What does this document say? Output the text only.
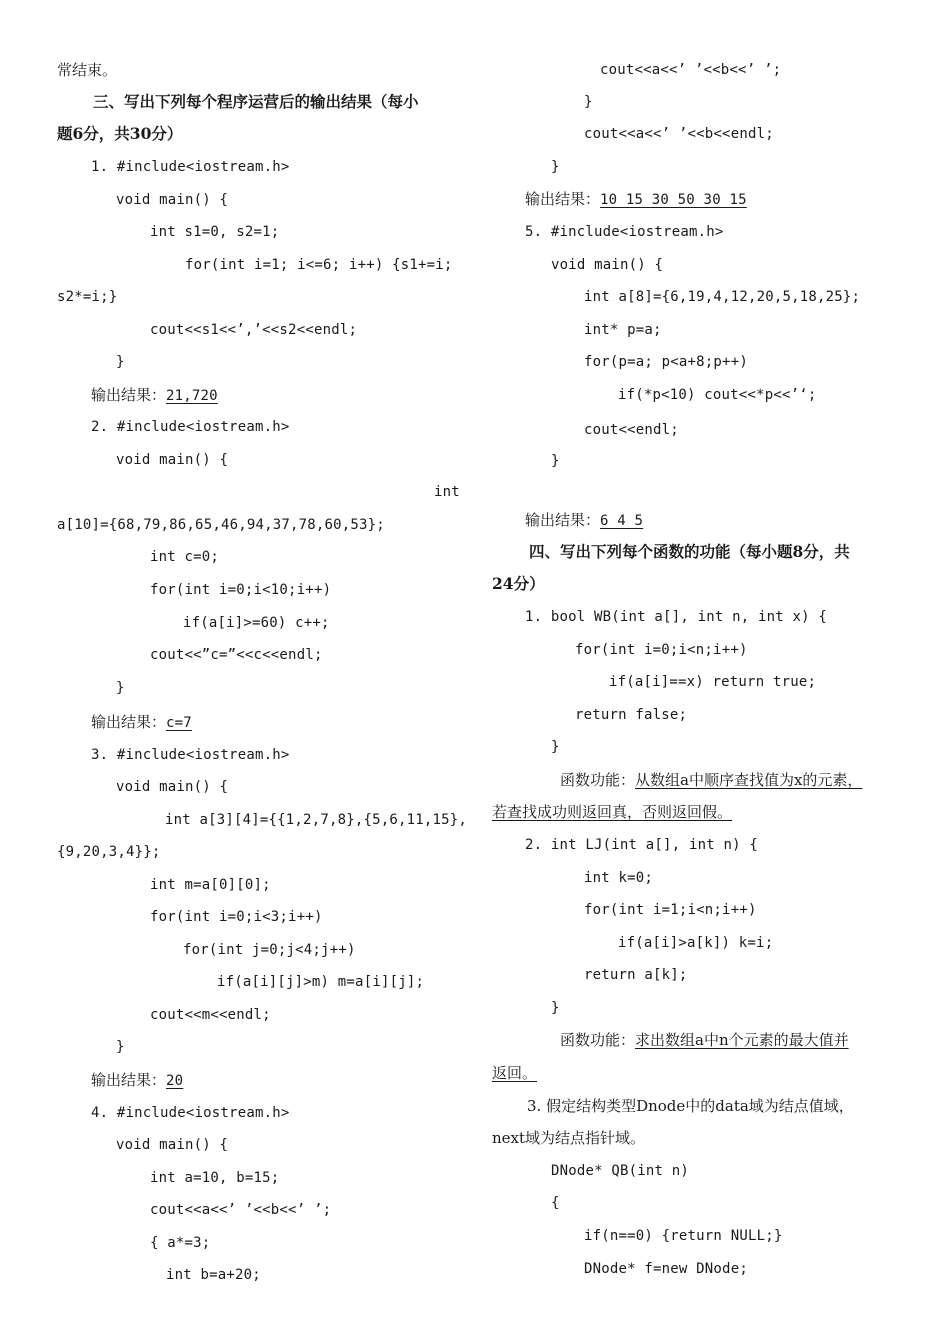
常结束。
三、写出下列每个程序运营后的输出结果（每小
题6分，共30分）
1. #include<iostream.h>
void main() {
int s1=0, s2=1;
for(int i=1; i<=6; i++) {s1+=i;
s2*=i;}
cout<<s1<<’,’<<s2<<endl;
}
输出结果：21,720
2. #include<iostream.h>
void main() {
int
a[10]={68,79,86,65,46,94,37,78,60,53};
int c=0;
for(int i=0;i<10;i++)
if(a[i]>=60) c++;
cout<<”c=”<<c<<endl;
}
输出结果：c=7
3. #include<iostream.h>
void main() {
int a[3][4]={{1,2,7,8},{5,6,11,15},
{9,20,3,4}};
int m=a[0][0];
for(int i=0;i<3;i++)
for(int j=0;j<4;j++)
if(a[i][j]>m) m=a[i][j];
cout<<m<<endl;
}
输出结果：20
4. #include<iostream.h>
void main() {
int a=10, b=15;
cout<<a<<’ ’<<b<<’ ’;
{ a*=3;
int b=a+20;
cout<<a<<’ ’<<b<<’ ’;
}
cout<<a<<’ ’<<b<<endl;
}
输出结果：10 15 30 50 30 15
5. #include<iostream.h>
void main() {
int a[8]={6,19,4,12,20,5,18,25};
int* p=a;
for(p=a; p<a+8;p++)
if(*p<10) cout<<*p<<’‘;
cout<<endl;
}
输出结果：6 4 5
四、写出下列每个函数的功能（每小题8分，共
24分）
1. bool WB(int a[], int n, int x) {
for(int i=0;i<n;i++)
if(a[i]==x) return true;
return false;
}
函数功能：从数组a中顺序查找值为x的元素，
若查找成功则返回真，否则返回假。
2. int LJ(int a[], int n) {
int k=0;
for(int i=1;i<n;i++)
if(a[i]>a[k]) k=i;
return a[k];
}
函数功能：求出数组a中n个元素的最大值并
返回。
3. 假定结构类型Dnode中的data域为结点值域，
next域为结点指针域。
DNode* QB(int n)
{
if(n==0) {return NULL;}
DNode* f=new DNode;
